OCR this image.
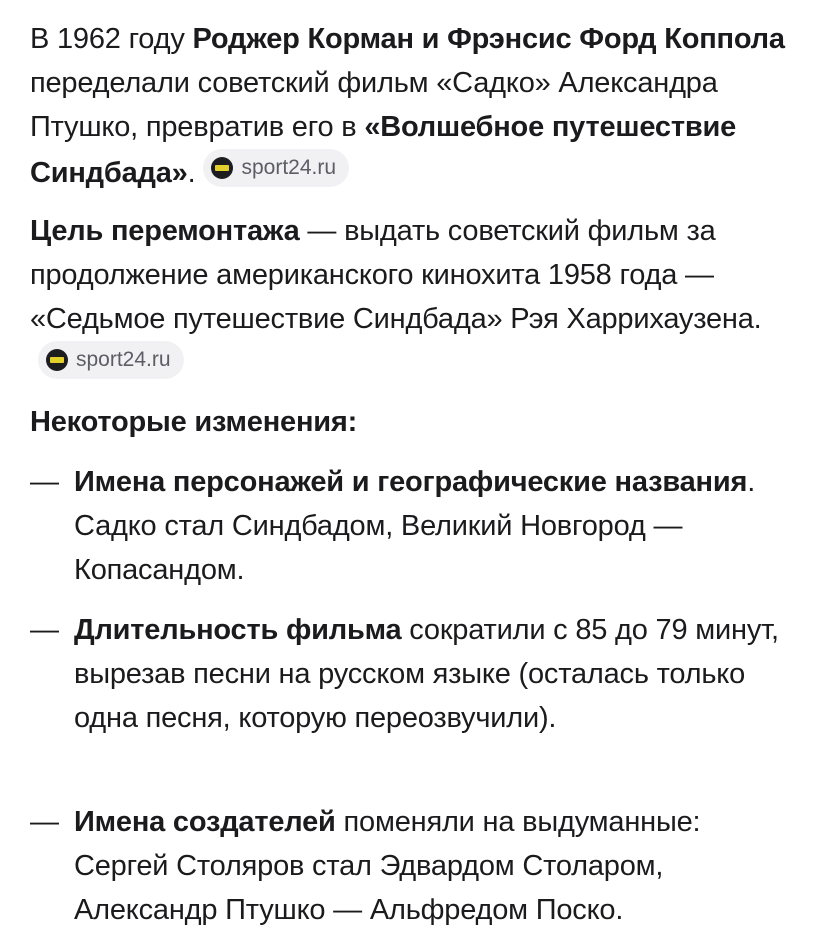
В 1962 году Роджер Корман и Фрэнсис Форд Коппола переделали советский фильм «Садко» Александра Птушко, превратив его в «Волшебное путешествие Синдбада». sport24.ru

Цель перемонтажа — выдать советский фильм за продолжение американского кинохита 1958 года — «Седьмое путешествие Синдбада» Рэя Харрихаузена.
sport24.ru

Некоторые изменения:

— Имена персонажей и географические названия. Садко стал Синдбадом, Великий Новгород — Копасандом.

— Длительность фильма сократили с 85 до 79 минут, вырезав песни на русском языке (осталась только одна песня, которую переозвучили).

— Имена создателей поменяли на выдуманные: Сергей Столяров стал Эдвардом Столаром, Александр Птушко — Альфредом Поско.
